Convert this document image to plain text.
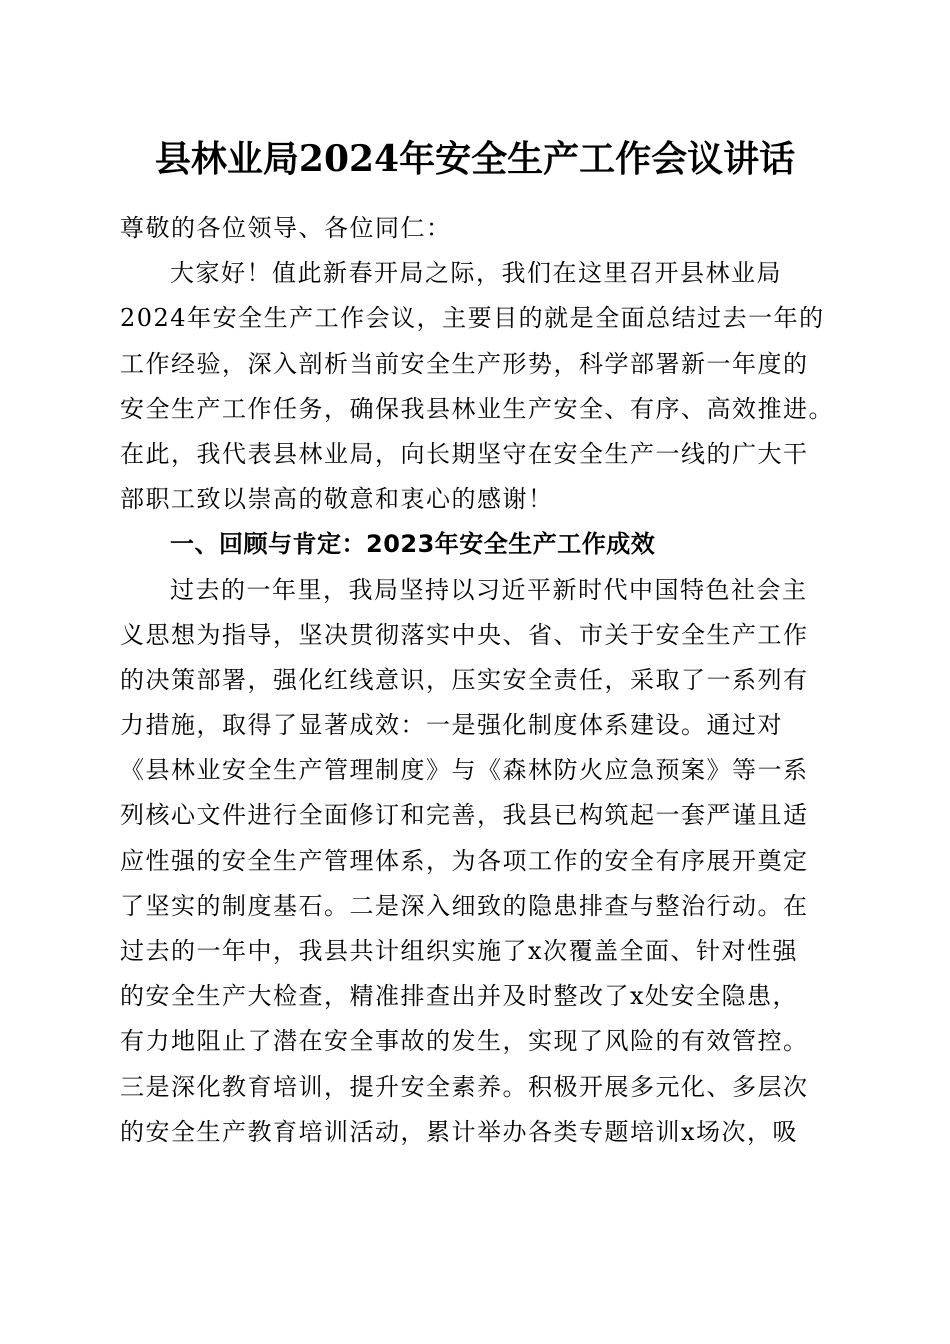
县林业局2024年安全生产工作会议讲话
尊敬的各位领导、各位同仁：
大家好！值此新春开局之际，我们在这里召开县林业局
2024年安全生产工作会议，主要目的就是全面总结过去一年的
工作经验，深入剖析当前安全生产形势，科学部署新一年度的
安全生产工作任务，确保我县林业生产安全、有序、高效推进。
在此，我代表县林业局，向长期坚守在安全生产一线的广大干
部职工致以崇高的敬意和衷心的感谢！
一、回顾与肯定：2023年安全生产工作成效
过去的一年里，我局坚持以习近平新时代中国特色社会主
义思想为指导，坚决贯彻落实中央、省、市关于安全生产工作
的决策部署，强化红线意识，压实安全责任，采取了一系列有
力措施，取得了显著成效：一是强化制度体系建设。通过对
《县林业安全生产管理制度》与《森林防火应急预案》等一系
列核心文件进行全面修订和完善，我县已构筑起一套严谨且适
应性强的安全生产管理体系，为各项工作的安全有序展开奠定
了坚实的制度基石。二是深入细致的隐患排查与整治行动。在
过去的一年中，我县共计组织实施了x次覆盖全面、针对性强
的安全生产大检查，精准排查出并及时整改了x处安全隐患，
有力地阻止了潜在安全事故的发生，实现了风险的有效管控。
三是深化教育培训，提升安全素养。积极开展多元化、多层次
的安全生产教育培训活动，累计举办各类专题培训x场次，吸
